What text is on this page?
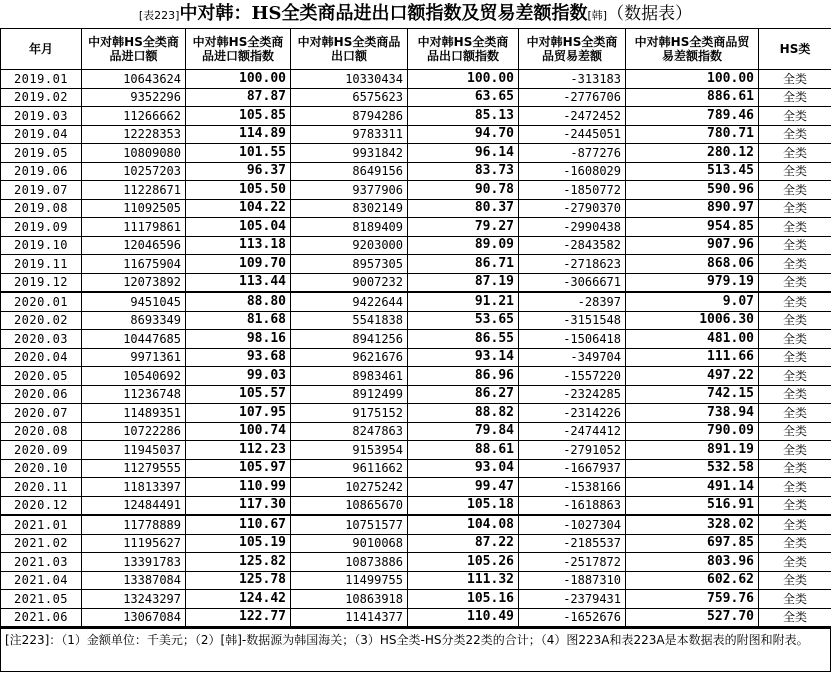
[表223]中对韩：HS全类商品进出口额指数及贸易差额指数[韩]（数据表）
年月	中对韩HS全类商品进口额	中对韩HS全类商品进口额指数	中对韩HS全类商品出口额	中对韩HS全类商品出口额指数	中对韩HS全类商品贸易差额	中对韩HS全类商品贸易差额指数	HS类
2019.01	10643624	100.00	10330434	100.00	-313183	100.00	全类
2019.02	9352296	87.87	6575623	63.65	-2776706	886.61	全类
2019.03	11266662	105.85	8794286	85.13	-2472452	789.46	全类
2019.04	12228353	114.89	9783311	94.70	-2445051	780.71	全类
2019.05	10809080	101.55	9931842	96.14	-877276	280.12	全类
2019.06	10257203	96.37	8649156	83.73	-1608029	513.45	全类
2019.07	11228671	105.50	9377906	90.78	-1850772	590.96	全类
2019.08	11092505	104.22	8302149	80.37	-2790370	890.97	全类
2019.09	11179861	105.04	8189409	79.27	-2990438	954.85	全类
2019.10	12046596	113.18	9203000	89.09	-2843582	907.96	全类
2019.11	11675904	109.70	8957305	86.71	-2718623	868.06	全类
2019.12	12073892	113.44	9007232	87.19	-3066671	979.19	全类
2020.01	9451045	88.80	9422644	91.21	-28397	9.07	全类
2020.02	8693349	81.68	5541838	53.65	-3151548	1006.30	全类
2020.03	10447685	98.16	8941256	86.55	-1506418	481.00	全类
2020.04	9971361	93.68	9621676	93.14	-349704	111.66	全类
2020.05	10540692	99.03	8983461	86.96	-1557220	497.22	全类
2020.06	11236748	105.57	8912499	86.27	-2324285	742.15	全类
2020.07	11489351	107.95	9175152	88.82	-2314226	738.94	全类
2020.08	10722286	100.74	8247863	79.84	-2474412	790.09	全类
2020.09	11945037	112.23	9153954	88.61	-2791052	891.19	全类
2020.10	11279555	105.97	9611662	93.04	-1667937	532.58	全类
2020.11	11813397	110.99	10275242	99.47	-1538166	491.14	全类
2020.12	12484491	117.30	10865670	105.18	-1618863	516.91	全类
2021.01	11778889	110.67	10751577	104.08	-1027304	328.02	全类
2021.02	11195627	105.19	9010068	87.22	-2185537	697.85	全类
2021.03	13391783	125.82	10873886	105.26	-2517872	803.96	全类
2021.04	13387084	125.78	11499755	111.32	-1887310	602.62	全类
2021.05	13243297	124.42	10863918	105.16	-2379431	759.76	全类
2021.06	13067084	122.77	11414377	110.49	-1652676	527.70	全类
[注223]：（1）金额单位：千美元；（2）[韩]-数据源为韩国海关；（3）HS全类-HS分类22类的合计；（4）图223A和表223A是本数据表的附图和附表。
